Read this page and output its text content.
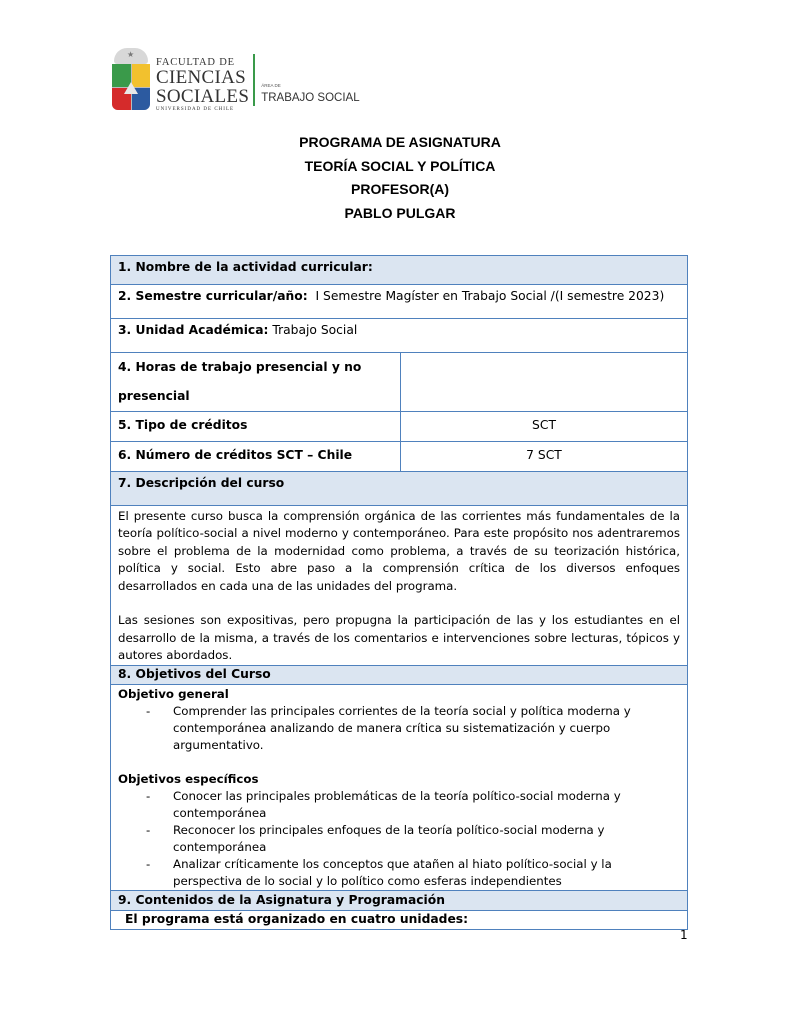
★
FACULTAD DE
CIENCIAS
SOCIALES
UNIVERSIDAD DE CHILE
ÁREA DE
TRABAJO SOCIAL
PROGRAMA DE ASIGNATURA
TEORÍA SOCIAL Y POLÍTICA
PROFESOR(A)
PABLO PULGAR
1. Nombre de la actividad curricular:	
2. Semestre curricular/año: I Semestre Magíster en Trabajo Social /(I semestre 2023)	
3. Unidad Académica: Trabajo Social	

4. Horas de trabajo presencial y no
presencial	

5. Tipo de créditos	SCT
6. Número de créditos SCT – Chile	7 SCT
7. Descripción del curso	

El presente curso busca la comprensión orgánica de las corrientes más fundamentales de la teoría político-social a nivel moderno y contemporáneo. Para este propósito nos adentraremos sobre el problema de la modernidad como problema, a través de su teorización histórica, política y social. Esto abre paso a la comprensión crítica de los diversos enfoques desarrollados en cada una de las unidades del programa.

Las sesiones son expositivas, pero propugna la participación de las y los estudiantes en el desarrollo de la misma, a través de los comentarios e intervenciones sobre lecturas, tópicos y autores abordados.	

8. Objetivos del Curso	

Objetivo general
- Comprender las principales corrientes de la teoría social y política moderna y contemporánea analizando de manera crítica su sistematización y cuerpo argumentativo.
Objetivos específicos
- Conocer las principales problemáticas de la teoría político-social moderna y contemporánea
- Reconocer los principales enfoques de la teoría político-social moderna y contemporánea
- Analizar críticamente los conceptos que atañen al hiato político-social y la perspectiva de lo social y lo político como esferas independientes

9. Contenidos de la Asignatura y Programación	
El programa está organizado en cuatro unidades:	
1
